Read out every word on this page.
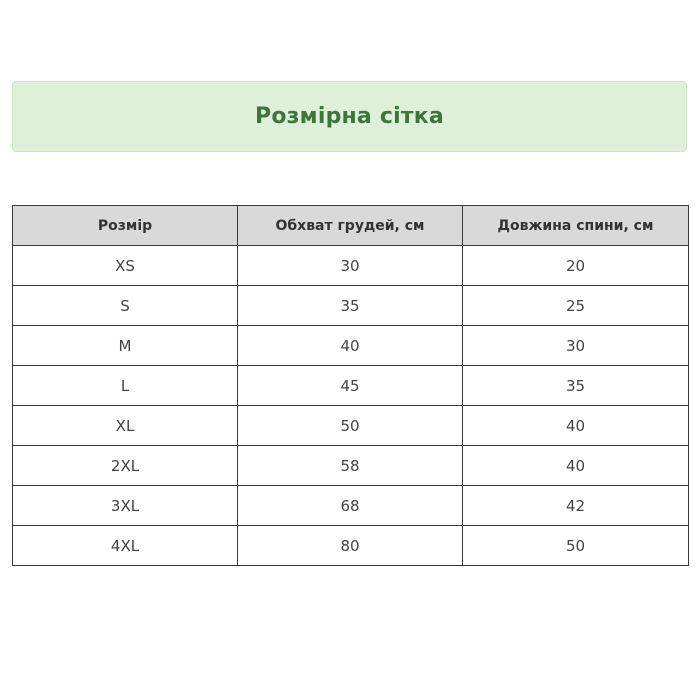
Розмірна сітка
Розмір	Обхват грудей, см	Довжина спини, см
XS	30	20
S	35	25
M	40	30
L	45	35
XL	50	40
2XL	58	40
3XL	68	42
4XL	80	50
